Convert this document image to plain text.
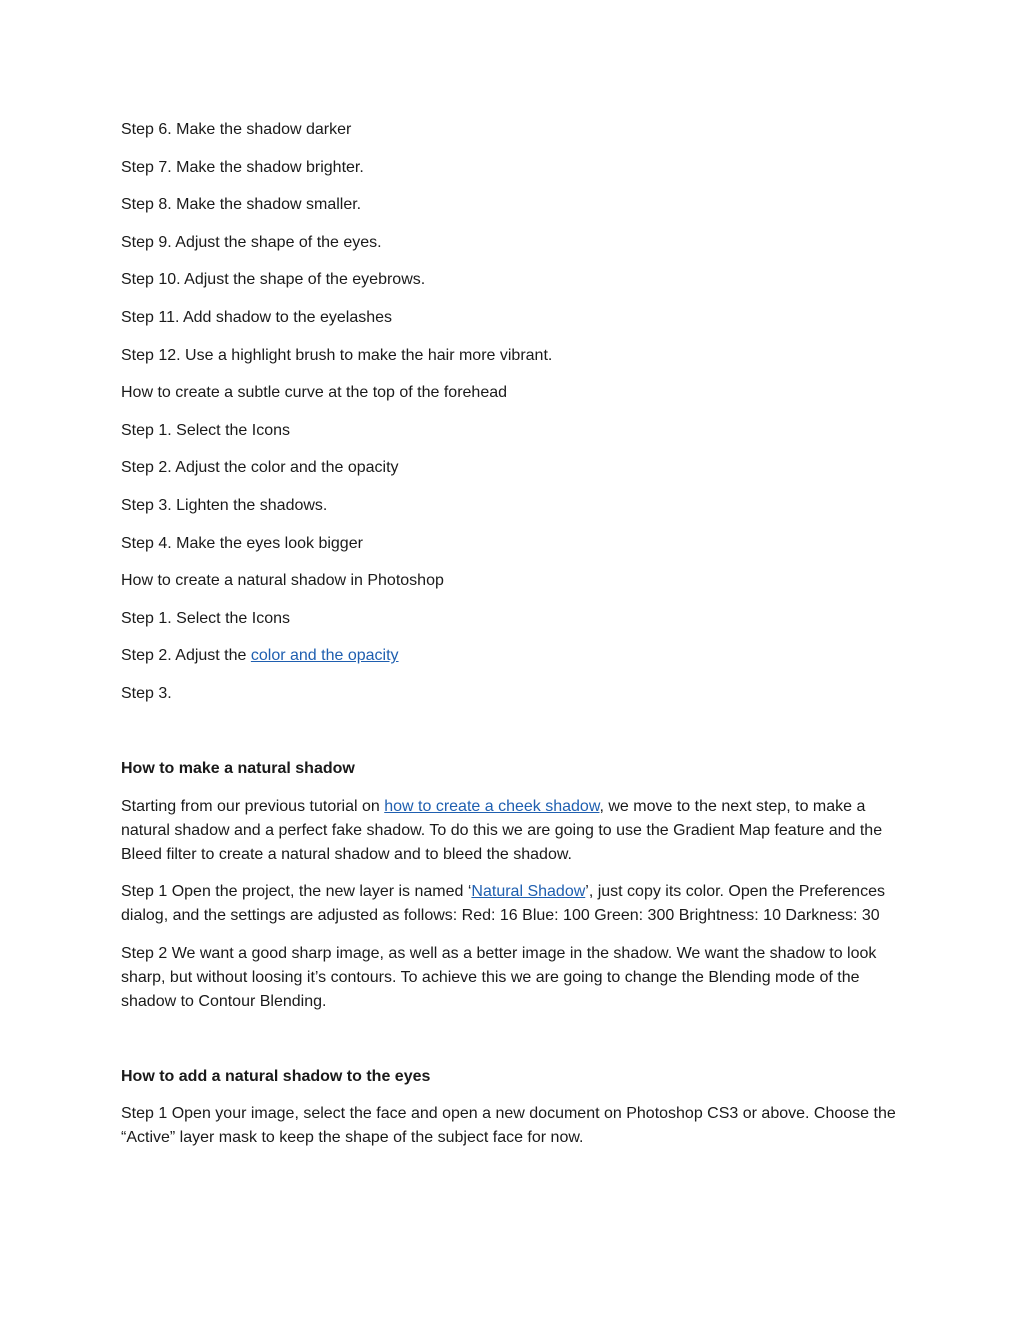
Step 6. Make the shadow darker
Step 7. Make the shadow brighter.
Step 8. Make the shadow smaller.
Step 9. Adjust the shape of the eyes.
Step 10. Adjust the shape of the eyebrows.
Step 11. Add shadow to the eyelashes
Step 12. Use a highlight brush to make the hair more vibrant.
How to create a subtle curve at the top of the forehead
Step 1. Select the Icons
Step 2. Adjust the color and the opacity
Step 3. Lighten the shadows.
Step 4. Make the eyes look bigger
How to create a natural shadow in Photoshop
Step 1. Select the Icons
Step 2. Adjust the color and the opacity
Step 3.
How to make a natural shadow
Starting from our previous tutorial on how to create a cheek shadow, we move to the next step, to make a natural shadow and a perfect fake shadow. To do this we are going to use the Gradient Map feature and the Bleed filter to create a natural shadow and to bleed the shadow.
Step 1 Open the project, the new layer is named ‘Natural Shadow’, just copy its color. Open the Preferences dialog, and the settings are adjusted as follows: Red: 16 Blue: 100 Green: 300 Brightness: 10 Darkness: 30
Step 2 We want a good sharp image, as well as a better image in the shadow. We want the shadow to look sharp, but without loosing it’s contours. To achieve this we are going to change the Blending mode of the shadow to Contour Blending.
How to add a natural shadow to the eyes
Step 1 Open your image, select the face and open a new document on Photoshop CS3 or above. Choose the “Active” layer mask to keep the shape of the subject face for now.
